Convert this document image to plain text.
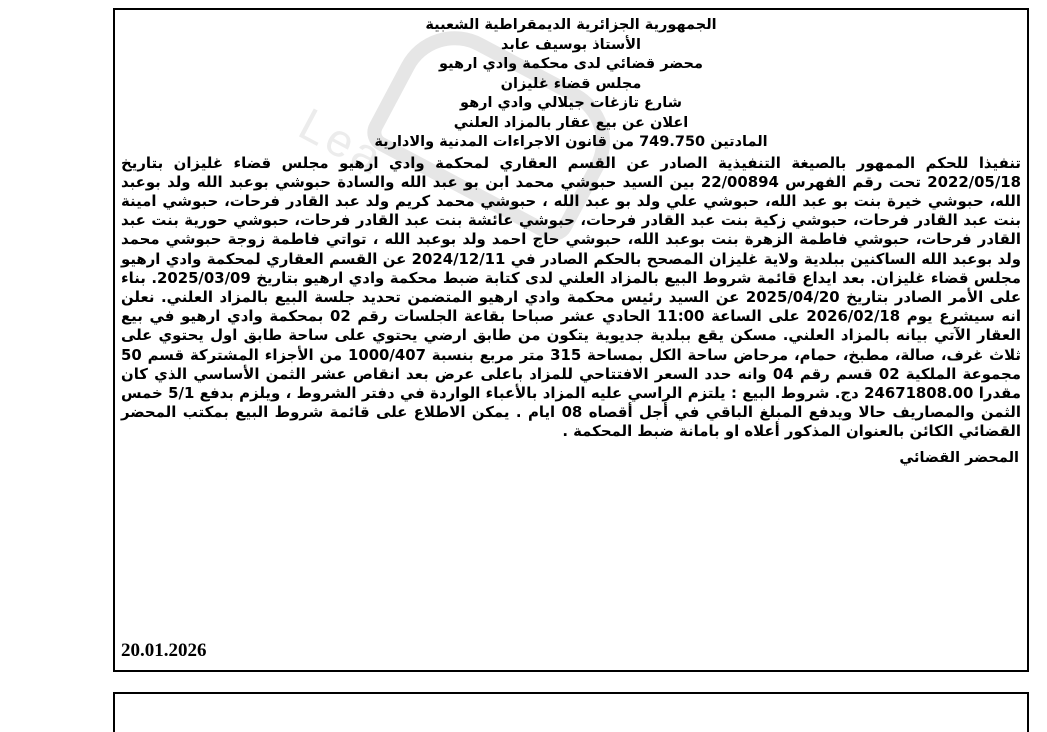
Lea
الجمهورية الجزائرية الديمقراطية الشعبية
الأستاذ بوسيف عابد
محضر قضائي لدى محكمة وادي ارهيو
مجلس قضاء غليزان
شارع تازغات جيلالي وادي ارهو
اعلان عن بيع عقار بالمزاد العلني
المادتين 749.750 من قانون الاجراءات المدنية والادارية
تنفيذا للحكم الممهور بالصيغة التنفيذية الصادر عن القسم العقاري لمحكمة وادي ارهيو مجلس قضاء غليزان بتاريخ 2022/05/18 تحت رقم الفهرس 22/00894 بين السيد حبوشي محمد ابن بو عبد الله والسادة حبوشي بوعبد الله ولد بوعبد الله، حبوشي خيرة بنت بو عبد الله، حبوشي علي ولد بو عبد الله ، حبوشي محمد كريم ولد عبد القادر فرحات، حبوشي امينة بنت عبد القادر فرحات، حبوشي زكية بنت عبد القادر فرحات، حبوشي عائشة بنت عبد القادر فرحات، حبوشي حورية بنت عبد القادر فرحات، حبوشي فاطمة الزهرة بنت بوعبد الله، حبوشي حاج احمد ولد بوعبد الله ، تواتي فاطمة زوجة حبوشي محمد ولد بوعبد الله الساكنين ببلدية ولاية غليزان المصحح بالحكم الصادر في 2024/12/11 عن القسم العقاري لمحكمة وادي ارهيو مجلس قضاء غليزان. بعد ايداع قائمة شروط البيع بالمزاد العلني لدى كتابة ضبط محكمة وادي ارهيو بتاريخ 2025/03/09. بناء على الأمر الصادر بتاريخ 2025/04/20 عن السيد رئيس محكمة وادي ارهيو المتضمن تحديد جلسة البيع بالمزاد العلني. نعلن انه سيشرع يوم 2026/02/18 على الساعة 11:00 الحادي عشر صباحا بقاعة الجلسات رقم 02 بمحكمة وادي ارهيو في بيع العقار الآتي بيانه بالمزاد العلني. مسكن يقع ببلدية جديوية يتكون من طابق ارضي يحتوي على ساحة طابق اول يحتوي على ثلاث غرف، صالة، مطبخ، حمام، مرحاض ساحة الكل بمساحة 315 متر مربع بنسبة 1000/407 من الأجزاء المشتركة قسم 50 مجموعة الملكية 02 قسم رقم 04 وانه حدد السعر الافتتاحي للمزاد باعلى عرض بعد انقاص عشر الثمن الأساسي الذي كان مقدرا 24671808.00 دج. شروط البيع : يلتزم الراسي عليه المزاد بالأعباء الواردة في دفتر الشروط ، ويلزم بدفع 5/1 خمس الثمن والمصاريف حالا ويدفع المبلغ الباقي في أجل أقصاه 08 ايام . يمكن الاطلاع على قائمة شروط البيع بمكتب المحضر القضائي الكائن بالعنوان المذكور أعلاه او بامانة ضبط المحكمة .
المحضر القضائي
20.01.2026
